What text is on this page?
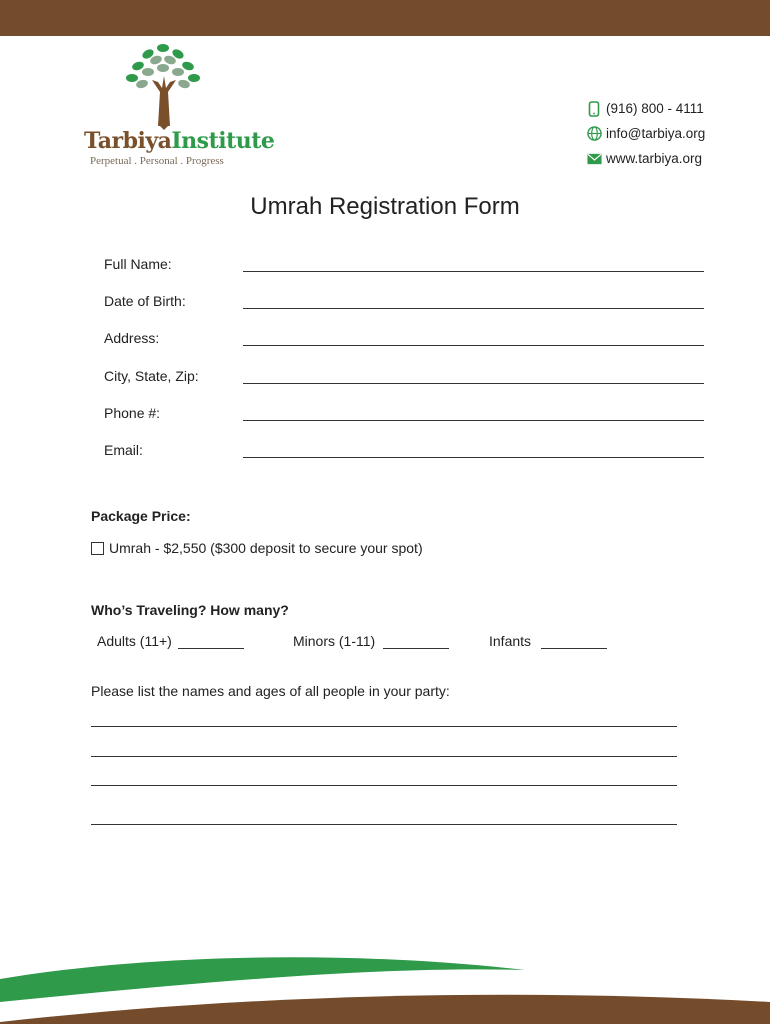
TarbiyaInstitute
Perpetual . Personal . Progress
(916) 800 - 4111
info@tarbiya.org
www.tarbiya.org
Umrah Registration Form
Full Name:
Date of Birth:
Address:
City, State, Zip:
Phone #:
Email:
Package Price:
Umrah - $2,550 ($300 deposit to secure your spot)
Who’s Traveling? How many?
Adults (11+)	Minors (1-11)	Infants
Please list the names and ages of all people in your party:
